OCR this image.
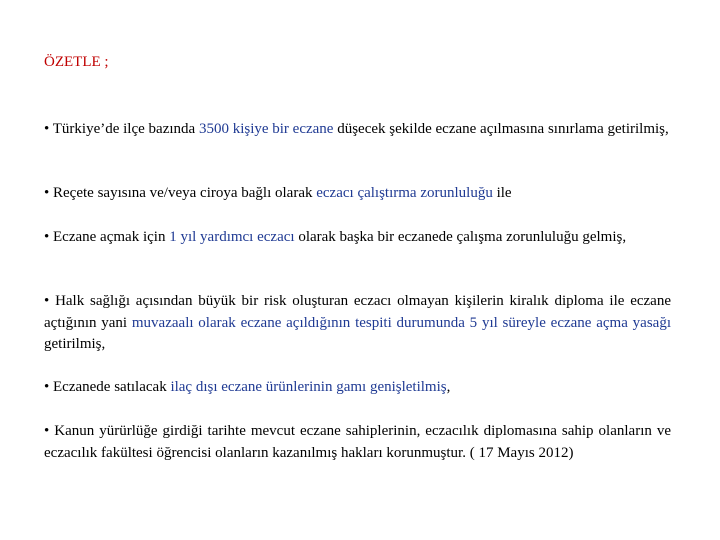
ÖZETLE ;
• Türkiye’de ilçe bazında 3500 kişiye bir eczane düşecek şekilde eczane açılmasına sınırlama getirilmiş,
• Reçete sayısına ve/veya ciroya bağlı olarak eczacı çalıştırma zorunluluğu ile
• Eczane açmak için 1 yıl yardımcı eczacı olarak başka bir eczanede çalışma zorunluluğu gelmiş,
• Halk sağlığı açısından büyük bir risk oluşturan eczacı olmayan kişilerin kiralık diploma ile eczane açtığının yani muvazaalı olarak eczane açıldığının tespiti durumunda 5 yıl süreyle eczane açma yasağı getirilmiş,
• Eczanede satılacak ilaç dışı eczane ürünlerinin gamı genişletilmiş,
• Kanun yürürlüğe girdiği tarihte mevcut eczane sahiplerinin, eczacılık diplomasına sahip olanların ve eczacılık fakültesi öğrencisi olanların kazanılmış hakları korunmuştur. ( 17 Mayıs 2012)
